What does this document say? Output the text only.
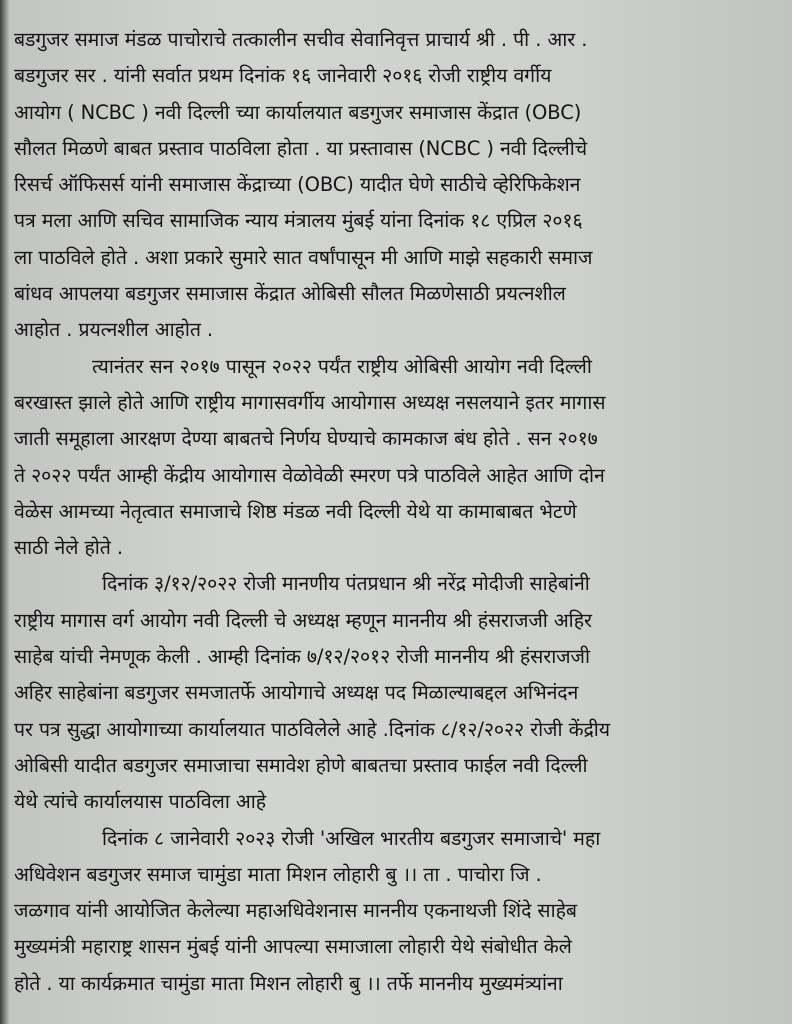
बडगुजर समाज मंडळ पाचोराचे तत्कालीन सचीव सेवानिवृत्त प्राचार्य श्री . पी . आर .
बडगुजर सर . यांनी सर्वात प्रथम दिनांक १६ जानेवारी २०१६ रोजी राष्ट्रीय वर्गीय
आयोग ( NCBC ) नवी दिल्ली च्या कार्यालयात बडगुजर समाजास केंद्रात (OBC)
सौलत मिळणे बाबत प्रस्ताव पाठविला होता . या प्रस्तावास (NCBC ) नवी दिल्लीचे
रिसर्च ऑफिसर्स यांनी समाजास केंद्राच्या (OBC) यादीत घेणे साठीचे व्हेरिफिकेशन
पत्र मला आणि सचिव सामाजिक न्याय मंत्रालय मुंबई यांना दिनांक १८ एप्रिल २०१६
ला पाठविले होते . अशा प्रकारे सुमारे सात वर्षांपासून मी आणि माझे सहकारी समाज
बांधव आपलया बडगुजर समाजास केंद्रात ओबिसी सौलत मिळणेसाठी प्रयत्नशील
आहोत . प्रयत्नशील आहोत .
त्यानंतर सन २०१७ पासून २०२२ पर्यंत राष्ट्रीय ओबिसी आयोग नवी दिल्ली
बरखास्त झाले होते आणि राष्ट्रीय मागासवर्गीय आयोगास अध्यक्ष नसलयाने इतर मागास
जाती समूहाला आरक्षण देण्या बाबतचे निर्णय घेण्याचे कामकाज बंध होते . सन २०१७
ते २०२२ पर्यंत आम्ही केंद्रीय आयोगास वेळोवेळी स्मरण पत्रे पाठविले आहेत आणि दोन
वेळेस आमच्या नेतृत्वात समाजाचे शिष्ठ मंडळ नवी दिल्ली येथे या कामाबाबत भेटणे
साठी नेले होते .
दिनांक ३/१२/२०२२ रोजी मानणीय पंतप्रधान श्री नरेंद्र मोदीजी साहेबांनी
राष्ट्रीय मागास वर्ग आयोग नवी दिल्ली चे अध्यक्ष म्हणून माननीय श्री हंसराजजी अहिर
साहेब यांची नेमणूक केली . आम्ही दिनांक ७/१२/२०१२ रोजी माननीय श्री हंसराजजी
अहिर साहेबांना बडगुजर समजातर्फे आयोगाचे अध्यक्ष पद मिळाल्याबद्दल अभिनंदन
पर पत्र सुद्धा आयोगाच्या कार्यालयात पाठविलेले आहे .दिनांक ८/१२/२०२२ रोजी केंद्रीय
ओबिसी यादीत बडगुजर समाजाचा समावेश होणे बाबतचा प्रस्ताव फाईल नवी दिल्ली
येथे त्यांचे कार्यालयास पाठविला आहे
दिनांक ८ जानेवारी २०२३ रोजी 'अखिल भारतीय बडगुजर समाजाचे' महा
अधिवेशन बडगुजर समाज चामुंडा माता मिशन लोहारी बु ।। ता . पाचोरा जि .
जळगाव यांनी आयोजित केलेल्या महाअधिवेशनास माननीय एकनाथजी शिंदे साहेब
मुख्यमंत्री महाराष्ट्र शासन मुंबई यांनी आपल्या समाजाला लोहारी येथे संबोधीत केले
होते . या कार्यक्रमात चामुंडा माता मिशन लोहारी बु ।। तर्फे माननीय मुख्यमंत्र्यांना
